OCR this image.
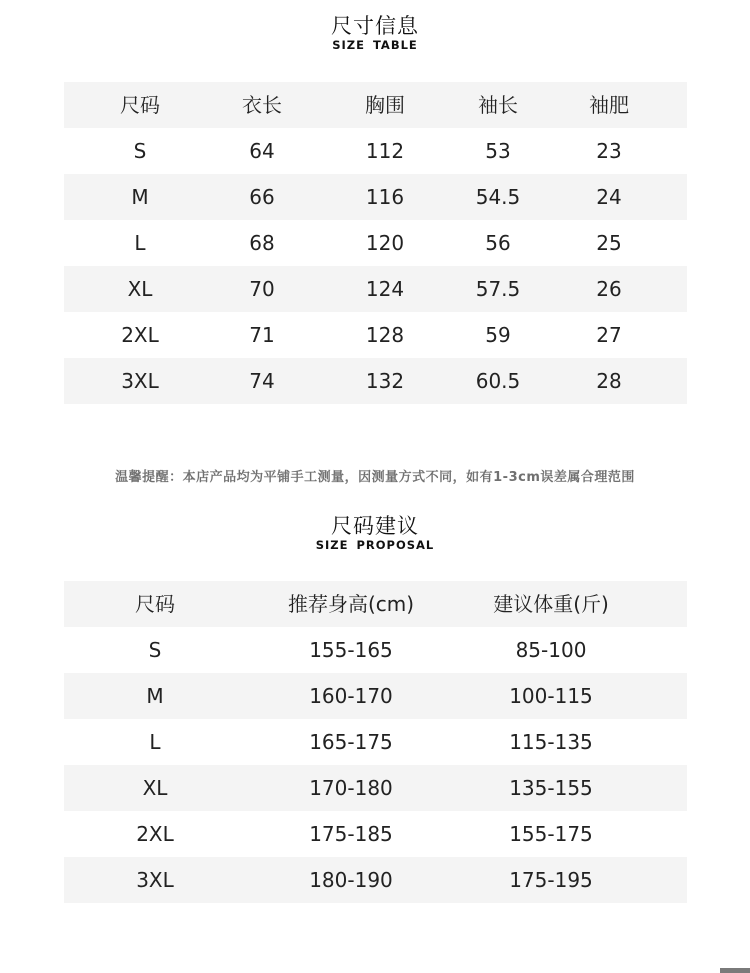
尺寸信息
SIZE TABLE
尺码	衣长	胸围	袖长	袖肥
S	64	112	53	23
M	66	116	54.5	24
L	68	120	56	25
XL	70	124	57.5	26
2XL	71	128	59	27
3XL	74	132	60.5	28
温馨提醒：本店产品均为平铺手工测量，因测量方式不同，如有1-3cm误差属合理范围
尺码建议
SIZE PROPOSAL
尺码	推荐身高(cm)	建议体重(斤)
S	155-165	85-100
M	160-170	100-115
L	165-175	115-135
XL	170-180	135-155
2XL	175-185	155-175
3XL	180-190	175-195
